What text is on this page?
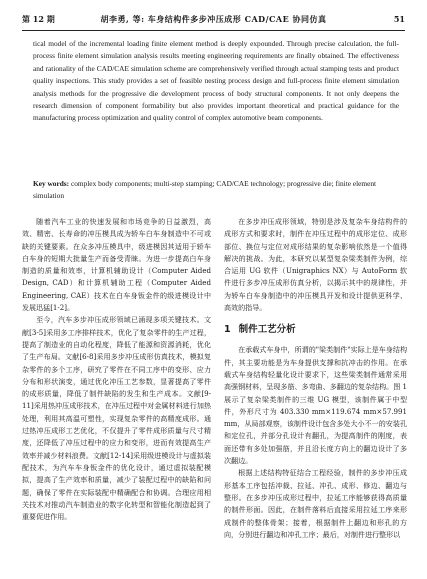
第 12 期	胡李勇, 等: 车身结构件多步冲压成形 CAD/CAE 协同仿真	51

tical model of the incremental loading finite element method is deeply expounded. Through precise calculation, the full-process finite element simulation analysis results meeting engineering requirements are finally obtained. The effectiveness and rationality of the CAD/CAE simulation scheme are comprehensively verified through actual stamping tests and product quality inspections. This study provides a set of feasible nesting process design and full-process finite element simulation analysis methods for the progressive die development process of body structural components. It not only deepens the research dimension of component formability but also provides important theoretical and practical guidance for the manufacturing process optimization and quality control of complex automotive beam components.

Key words: complex body components; multi-step stamping; CAD/CAE technology; progressive die; finite element simulation

随着汽车工业的快速发展和市场竞争的日益激烈，高效、精密、长寿命的冲压模具成为轿车白车身制造中不可或缺的关键要素。在众多冲压模具中，级进模因其适用于轿车白车身的短期大批量生产而备受青睐。为进一步提高白车身制造的质量和效率，计算机辅助设计（Computer Aided Design, CAD）和计算机辅助工程（Computer Aided Engineering, CAE）技术在白车身钣金件的级进模设计中发展迅猛[1-2]。

至今，汽车多步冲压成形领域已涌现多项关键技术。文献[3-5]采用多工序排样技术，优化了复杂零件的生产过程，提高了制造业的自动化程度，降低了能源和资源消耗，优化了生产布局。文献[6-8]采用多步冲压成形仿真技术，模拟复杂零件的多个工序，研究了零件在不同工序中的变形、应力分布和形状演变，通过优化冲压工艺参数，显著提高了零件的成形质量，降低了制件缺陷的发生和生产成本。文献[9-11]采用热冲压成形技术，在冲压过程中对金属材料进行加热处理，利用其高温可塑性，实现复杂零件的高精度成形。通过热冲压成形工艺优化，不仅提升了零件成形质量与尺寸精度，还降低了冲压过程中的应力和变形，进而有效提高生产效率并减少材料浪费。文献[12-14]采用级进模设计与虚拟装配技术，为汽车车身钣金件的优化设计，通过虚拟装配模拟，提高了生产效率和质量，减少了装配过程中的缺陷和问题，确保了零件在实际装配中精确配合和协调。合理应用相关技术对推动汽车制造业的数字化转型和智能化制造起到了重要促进作用。

在多步冲压成形领域，特别是涉及复杂车身结构件的成形方式和要求时，制件在冲压过程中的成形定位、成形部位、换位与定位对成形结果的复杂影响依然是一个值得解决的挑战。为此，本研究以某型复杂梁类制件为例，综合运用 UG 软件（Unigraphics NX）与 AutoForm 软件进行多步冲压成形仿真分析，以揭示其中的规律性，并为轿车白车身制造中的冲压模具开发和设计提供更科学、高效的指导。

1 制件工艺分析

在承载式车身中，所谓的"梁类制件"实际上是车身结构件，其主要功能是为车身提供支撑和抗冲击的作用。在承载式车身结构轻量化设计要求下，这些梁类制件通常采用高强钢材料，呈现多筋、多弯曲、多翻边的复杂结构。图 1 展示了复杂梁类制件的三维 UG 模型，该制件属于中型件，外形尺寸为 403.330 mm×119.674 mm×57.991 mm，从局部观察，该制件设计包含多处大小不一的安装孔和定位孔，并部分孔设计有翻孔，为提高制件的刚度，表面还带有多处加强筋，并且沿长度方向上的翻边设计了多次翻边。

根据上述结构特征结合工程经验，制件的多步冲压成形基本工序包括冲裁、拉延、冲孔、成形、修边、翻边与整形。在多步冲压成形过程中，拉延工序能够获得高质量的制件形面。因此，在制件落料后直接采用拉延工序来形成制件的整体骨架；接着，根据制件上翻边和形孔的方向，分别进行翻边和冲孔工序；最后，对制件进行整形以
